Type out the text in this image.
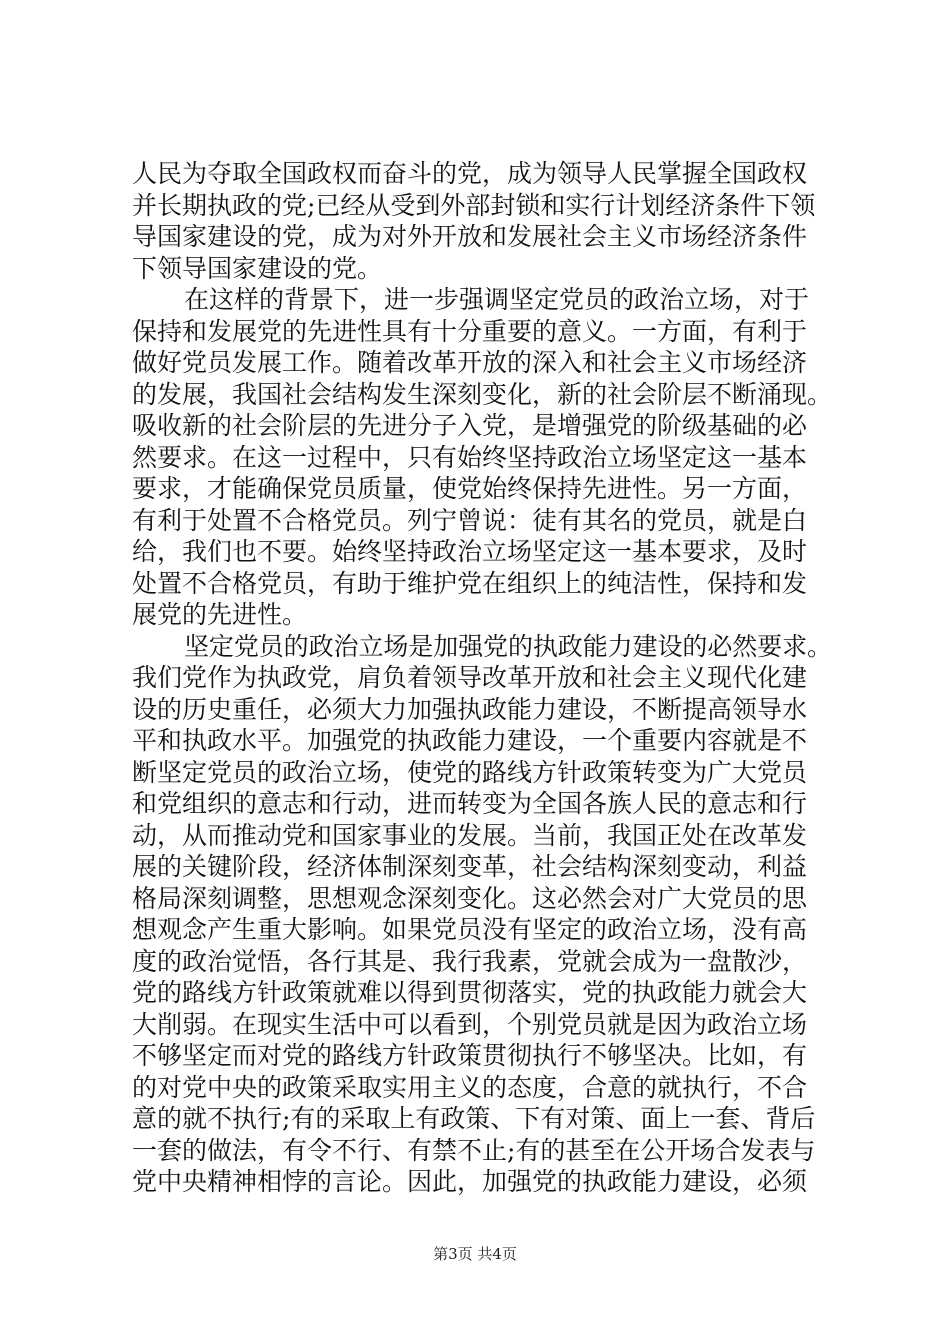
人民为夺取全国政权而奋斗的党，成为领导人民掌握全国政权
并长期执政的党;已经从受到外部封锁和实行计划经济条件下领
导国家建设的党，成为对外开放和发展社会主义市场经济条件
下领导国家建设的党。
在这样的背景下，进一步强调坚定党员的政治立场，对于
保持和发展党的先进性具有十分重要的意义。一方面，有利于
做好党员发展工作。随着改革开放的深入和社会主义市场经济
的发展，我国社会结构发生深刻变化，新的社会阶层不断涌现。
吸收新的社会阶层的先进分子入党，是增强党的阶级基础的必
然要求。在这一过程中，只有始终坚持政治立场坚定这一基本
要求，才能确保党员质量，使党始终保持先进性。另一方面，
有利于处置不合格党员。列宁曾说：徒有其名的党员，就是白
给，我们也不要。始终坚持政治立场坚定这一基本要求，及时
处置不合格党员，有助于维护党在组织上的纯洁性，保持和发
展党的先进性。
坚定党员的政治立场是加强党的执政能力建设的必然要求。
我们党作为执政党，肩负着领导改革开放和社会主义现代化建
设的历史重任，必须大力加强执政能力建设，不断提高领导水
平和执政水平。加强党的执政能力建设，一个重要内容就是不
断坚定党员的政治立场，使党的路线方针政策转变为广大党员
和党组织的意志和行动，进而转变为全国各族人民的意志和行
动，从而推动党和国家事业的发展。当前，我国正处在改革发
展的关键阶段，经济体制深刻变革，社会结构深刻变动，利益
格局深刻调整，思想观念深刻变化。这必然会对广大党员的思
想观念产生重大影响。如果党员没有坚定的政治立场，没有高
度的政治觉悟，各行其是、我行我素，党就会成为一盘散沙，
党的路线方针政策就难以得到贯彻落实，党的执政能力就会大
大削弱。在现实生活中可以看到，个别党员就是因为政治立场
不够坚定而对党的路线方针政策贯彻执行不够坚决。比如，有
的对党中央的政策采取实用主义的态度，合意的就执行，不合
意的就不执行;有的采取上有政策、下有对策、面上一套、背后
一套的做法，有令不行、有禁不止;有的甚至在公开场合发表与
党中央精神相悖的言论。因此，加强党的执政能力建设，必须
第3页 共4页
